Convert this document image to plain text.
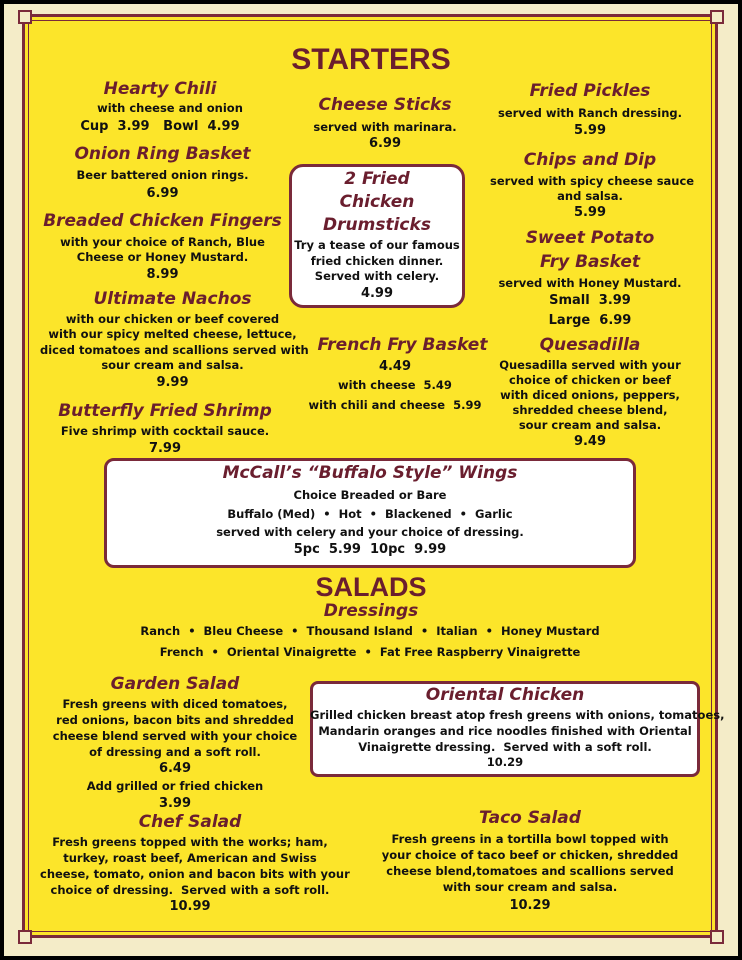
STARTERS
Hearty Chili
with cheese and onion
Cup  3.99   Bowl  4.99
Onion Ring Basket
Beer battered onion rings.
6.99
Breaded Chicken Fingers
with your choice of Ranch, Blue
Cheese or Honey Mustard.
8.99
Ultimate Nachos
with our chicken or beef covered
with our spicy melted cheese, lettuce,
diced tomatoes and scallions served with
sour cream and salsa.
9.99
Butterfly Fried Shrimp
Five shrimp with cocktail sauce.
7.99
Cheese Sticks
served with marinara.
6.99
2 Fried
Chicken
Drumsticks
Try a tease of our famous
fried chicken dinner.
Served with celery.
4.99
French Fry Basket
4.49
with cheese  5.49
with chili and cheese  5.99
Fried Pickles
served with Ranch dressing.
5.99
Chips and Dip
served with spicy cheese sauce
and salsa.
5.99
Sweet Potato
Fry Basket
served with Honey Mustard.
Small  3.99
Large  6.99
Quesadilla
Quesadilla served with your
choice of chicken or beef
with diced onions, peppers,
shredded cheese blend,
sour cream and salsa.
9.49
McCall’s “Buffalo Style” Wings
Choice Breaded or Bare
Buffalo (Med)  •  Hot  •  Blackened  •  Garlic
served with celery and your choice of dressing.
5pc  5.99  10pc  9.99
SALADS
Dressings
Ranch  •  Bleu Cheese  •  Thousand Island  •  Italian  •  Honey Mustard
French  •  Oriental Vinaigrette  •  Fat Free Raspberry Vinaigrette
Garden Salad
Fresh greens with diced tomatoes,
red onions, bacon bits and shredded
cheese blend served with your choice
of dressing and a soft roll.
6.49
Add grilled or fried chicken
3.99
Oriental Chicken
Grilled chicken breast atop fresh greens with onions, tomatoes,
Mandarin oranges and rice noodles finished with Oriental
Vinaigrette dressing.  Served with a soft roll.
10.29
Chef Salad
Fresh greens topped with the works; ham,
turkey, roast beef, American and Swiss
cheese, tomato, onion and bacon bits with your
choice of dressing.  Served with a soft roll.
10.99
Taco Salad
Fresh greens in a tortilla bowl topped with
your choice of taco beef or chicken, shredded
cheese blend,tomatoes and scallions served
with sour cream and salsa.
10.29
